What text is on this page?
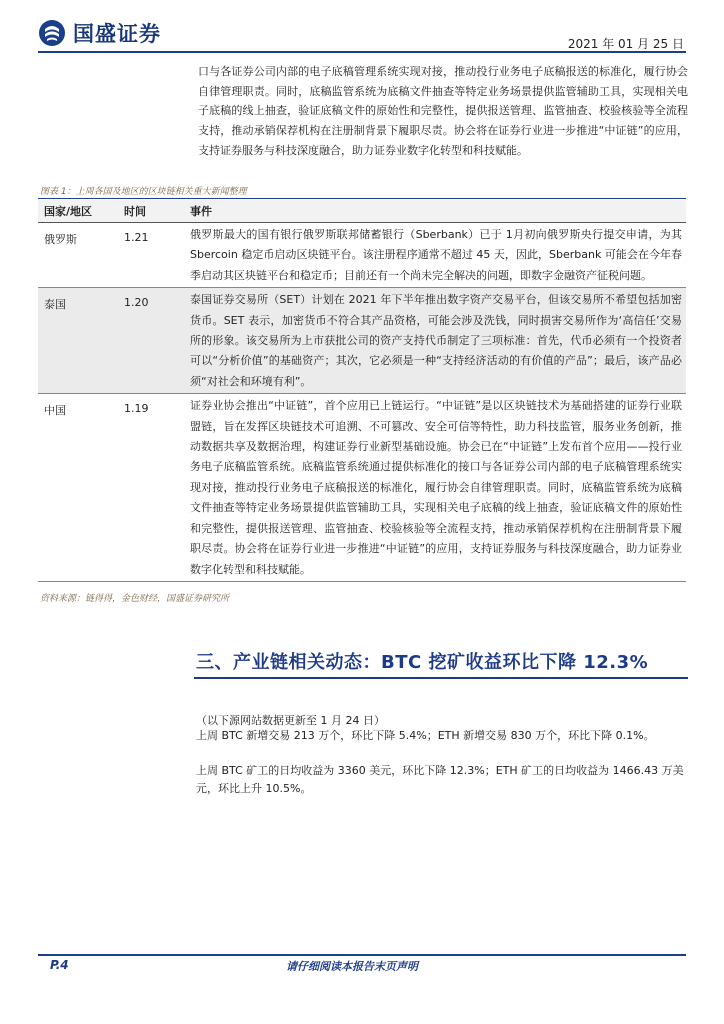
国盛证券	2021 年 01 月 25 日
口与各证券公司内部的电子底稿管理系统实现对接，推动投行业务电子底稿报送的标准化，履行协会自律管理职责。同时，底稿监管系统为底稿文件抽查等特定业务场景提供监管辅助工具，实现相关电子底稿的线上抽查，验证底稿文件的原始性和完整性，提供报送管理、监管抽查、校验核验等全流程支持，推动承销保荐机构在注册制背景下履职尽责。协会将在证券行业进一步推进“中证链”的应用，支持证券服务与科技深度融合，助力证券业数字化转型和科技赋能。
图表 1：上周各国及地区的区块链相关重大新闻整理
国家/地区	时间	事件
俄罗斯	1.21	俄罗斯最大的国有银行俄罗斯联邦储蓄银行（Sberbank）已于 1月初向俄罗斯央行提交申请，为其 Sbercoin 稳定币启动区块链平台。该注册程序通常不超过 45 天，因此，Sberbank 可能会在今年春季启动其区块链平台和稳定币；目前还有一个尚未完全解决的问题，即数字金融资产征税问题。
泰国	1.20	泰国证券交易所（SET）计划在 2021 年下半年推出数字资产交易平台，但该交易所不希望包括加密货币。SET 表示，加密货币不符合其产品资格，可能会涉及洗钱，同时损害交易所作为‘高信任’交易所的形象。该交易所为上市获批公司的资产支持代币制定了三项标准：首先，代币必须有一个投资者可以“分析价值”的基础资产；其次，它必须是一种“支持经济活动的有价值的产品”；最后，该产品必须“对社会和环境有利”。
中国	1.19	证券业协会推出“中证链”，首个应用已上链运行。“中证链”是以区块链技术为基础搭建的证券行业联盟链，旨在发挥区块链技术可追溯、不可篡改、安全可信等特性，助力科技监管，服务业务创新，推动数据共享及数据治理，构建证券行业新型基础设施。协会已在“中证链”上发布首个应用——投行业务电子底稿监管系统。底稿监管系统通过提供标准化的接口与各证券公司内部的电子底稿管理系统实现对接，推动投行业务电子底稿报送的标准化，履行协会自律管理职责。同时，底稿监管系统为底稿文件抽查等特定业务场景提供监管辅助工具，实现相关电子底稿的线上抽查，验证底稿文件的原始性和完整性，提供报送管理、监管抽查、校验核验等全流程支持，推动承销保荐机构在注册制背景下履职尽责。协会将在证券行业进一步推进“中证链”的应用，支持证券服务与科技深度融合，助力证券业数字化转型和科技赋能。
资料来源：链得得，金色财经，国盛证券研究所
三、产业链相关动态：BTC 挖矿收益环比下降 12.3%
（以下源网站数据更新至 1 月 24 日）
上周 BTC 新增交易 213 万个，环比下降 5.4%；ETH 新增交易 830 万个，环比下降 0.1%。
上周 BTC 矿工的日均收益为 3360 美元，环比下降 12.3%；ETH 矿工的日均收益为 1466.43 万美元，环比上升 10.5%。
P.4	请仔细阅读本报告末页声明
